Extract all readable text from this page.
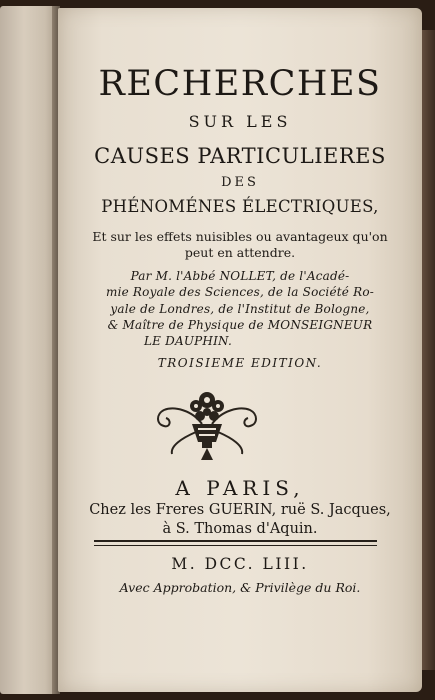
RECHERCHES
SUR LES
CAUSES PARTICULIERES
DES
PHÉNOMÉNES ÉLECTRIQUES,
Et sur les effets nuisibles ou avantageux qu'on
peut en attendre.
Par M. l'Abbé NOLLET, de l'Acadé-
mie Royale des Sciences, de la Société Ro-
yale de Londres, de l'Institut de Bologne,
& Maître de Physique de MONSEIGNEUR
LE DAUPHIN.
TROISIEME EDITION.
A PARIS,
Chez les Freres GUERIN, ruë S. Jacques,
à S. Thomas d'Aquin.
M. DCC. LIII.
Avec Approbation, & Privilège du Roi.
